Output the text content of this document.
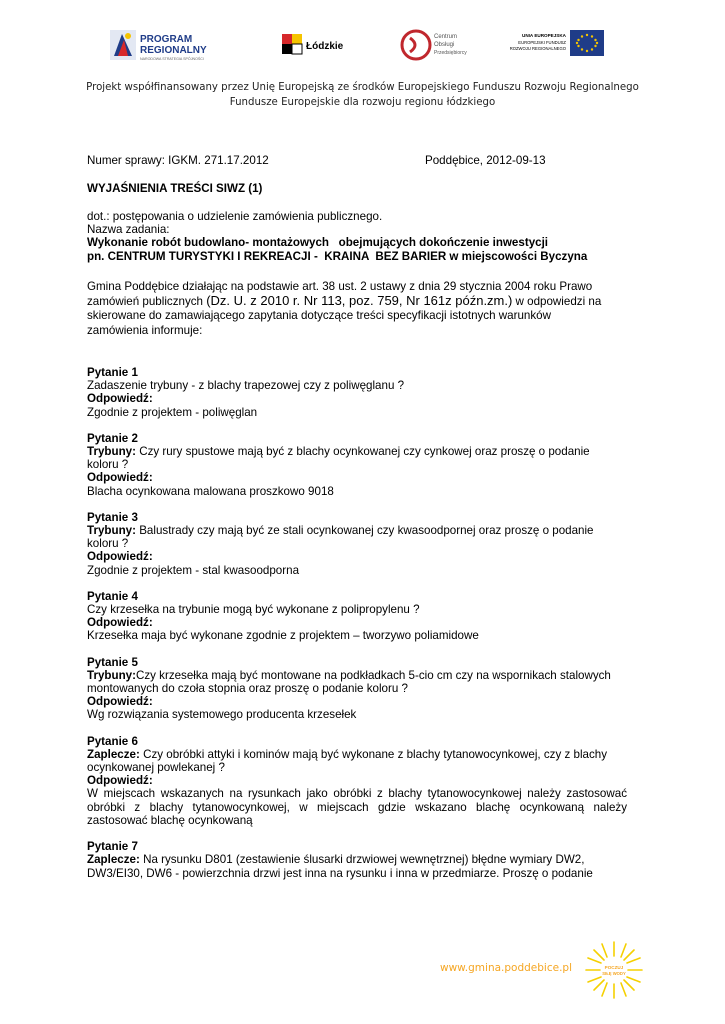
PROGRAM
REGIONALNY
NARODOWA STRATEGIA SPÓJNOŚCI
Łódzkie
Centrum
Obsługi
Przedsiębiorcy
UNIA EUROPEJSKA
EUROPEJSKI FUNDUSZ
ROZWOJU REGIONALNEGO
Projekt współfinansowany przez Unię Europejską ze środków Europejskiego Funduszu Rozwoju Regionalnego
Fundusze Europejskie dla rozwoju regionu łódzkiego
Numer sprawy: IGKM. 271.17.2012	Poddębice, 2012-09-13
WYJAŚNIENIA TREŚCI SIWZ (1)
dot.: postępowania o udzielenie zamówienia publicznego.
Nazwa zadania:
Wykonanie robót budowlano- montażowych   obejmujących dokończenie inwestycji
pn. CENTRUM TURYSTYKI I REKREACJI -  KRAINA  BEZ BARIER w miejscowości Byczyna
Gmina Poddębice działając na podstawie art. 38 ust. 2 ustawy z dnia 29 stycznia 2004 roku Prawo
zamówień publicznych (Dz. U. z 2010 r. Nr 113, poz. 759, Nr 161z późn.zm.) w odpowiedzi na
skierowane do zamawiającego zapytania dotyczące treści specyfikacji istotnych warunków
zamówienia informuje:
Pytanie 1
Zadaszenie trybuny - z blachy trapezowej czy z poliwęglanu ?
Odpowiedź:
Zgodnie z projektem - poliwęglan
Pytanie 2
Trybuny: Czy rury spustowe mają być z blachy ocynkowanej czy cynkowej oraz proszę o podanie
koloru ?
Odpowiedź:
Blacha ocynkowana malowana proszkowo 9018
Pytanie 3
Trybuny: Balustrady czy mają być ze stali ocynkowanej czy kwasoodpornej oraz proszę o podanie
koloru ?
Odpowiedź:
Zgodnie z projektem - stal kwasoodporna
Pytanie 4
Czy krzesełka na trybunie mogą być wykonane z polipropylenu ?
Odpowiedź:
Krzesełka maja być wykonane zgodnie z projektem – tworzywo poliamidowe
Pytanie 5
Trybuny:Czy krzesełka mają być montowane na podkładkach 5-cio cm czy na wspornikach stalowych
montowanych do czoła stopnia oraz proszę o podanie koloru ?
Odpowiedź:
Wg rozwiązania systemowego producenta krzesełek
Pytanie 6
Zaplecze: Czy obróbki attyki i kominów mają być wykonane z blachy tytanowocynkowej, czy z blachy
ocynkowanej powlekanej ?
Odpowiedź:
W miejscach wskazanych na rysunkach jako obróbki z blachy tytanowocynkowej należy zastosować
obróbki z blachy tytanowocynkowej, w miejscach gdzie wskazano blachę ocynkowaną należy
zastosować blachę ocynkowaną
Pytanie 7
Zaplecze: Na rysunku D801 (zestawienie ślusarki drzwiowej wewnętrznej) błędne wymiary DW2,
DW3/EI30, DW6 - powierzchnia drzwi jest inna na rysunku i inna w przedmiarze. Proszę o podanie
www.gmina.poddebice.pl	POCZUJ
SIŁĘ WODY
